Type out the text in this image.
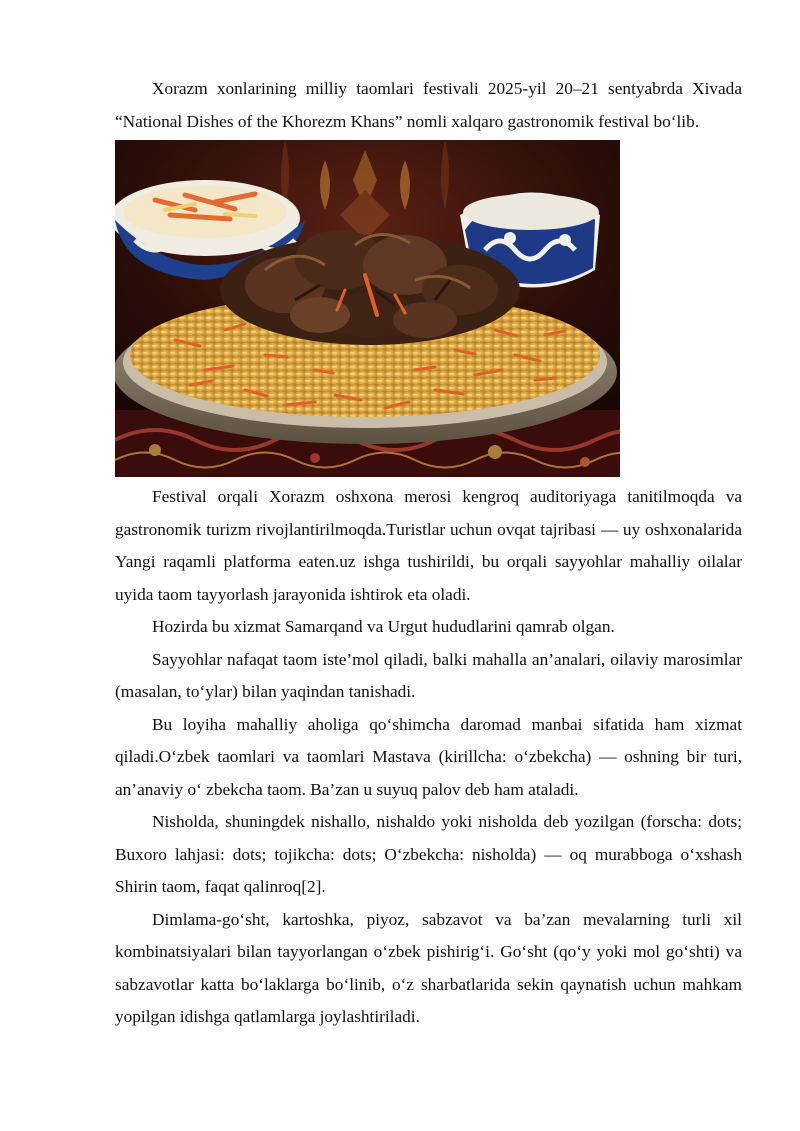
Xorazm xonlarining milliy taomlari festivali 2025-yil 20–21 sentyabrda Xivada “National Dishes of the Khorezm Khans” nomli xalqaro gastronomik festival bo‘lib.

Festival orqali Xorazm oshxona merosi kengroq auditoriyaga tanitilmoqda va gastronomik turizm rivojlantirilmoqda.Turistlar uchun ovqat tajribasi — uy oshxonalarida Yangi raqamli platforma eaten.uz ishga tushirildi, bu orqali sayyohlar mahalliy oilalar uyida taom tayyorlash jarayonida ishtirok eta oladi.

Hozirda bu xizmat Samarqand va Urgut hududlarini qamrab olgan.

Sayyohlar nafaqat taom iste’mol qiladi, balki mahalla an’analari, oilaviy marosimlar (masalan, to‘ylar) bilan yaqindan tanishadi.

Bu loyiha mahalliy aholiga qo‘shimcha daromad manbai sifatida ham xizmat qiladi.O‘zbek taomlari va taomlari Mastava (kirillcha: o‘zbekcha) — oshning bir turi, an’anaviy o‘ zbekcha taom. Ba’zan u suyuq palov deb ham ataladi.

Nisholda, shuningdek nishallo, nishaldo yoki nisholda deb yozilgan (forscha: dots; Buxoro lahjasi: dots; tojikcha: dots; O‘zbekcha: nisholda) — oq murabboga o‘xshash Shirin taom, faqat qalinroq[2].

Dimlama-go‘sht, kartoshka, piyoz, sabzavot va ba’zan mevalarning turli xil kombinatsiyalari bilan tayyorlangan o‘zbek pishirig‘i. Go‘sht (qo‘y yoki mol go‘shti) va sabzavotlar katta bo‘laklarga bo‘linib, o‘z sharbatlarida sekin qaynatish uchun mahkam yopilgan idishga qatlamlarga joylashtiriladi.
